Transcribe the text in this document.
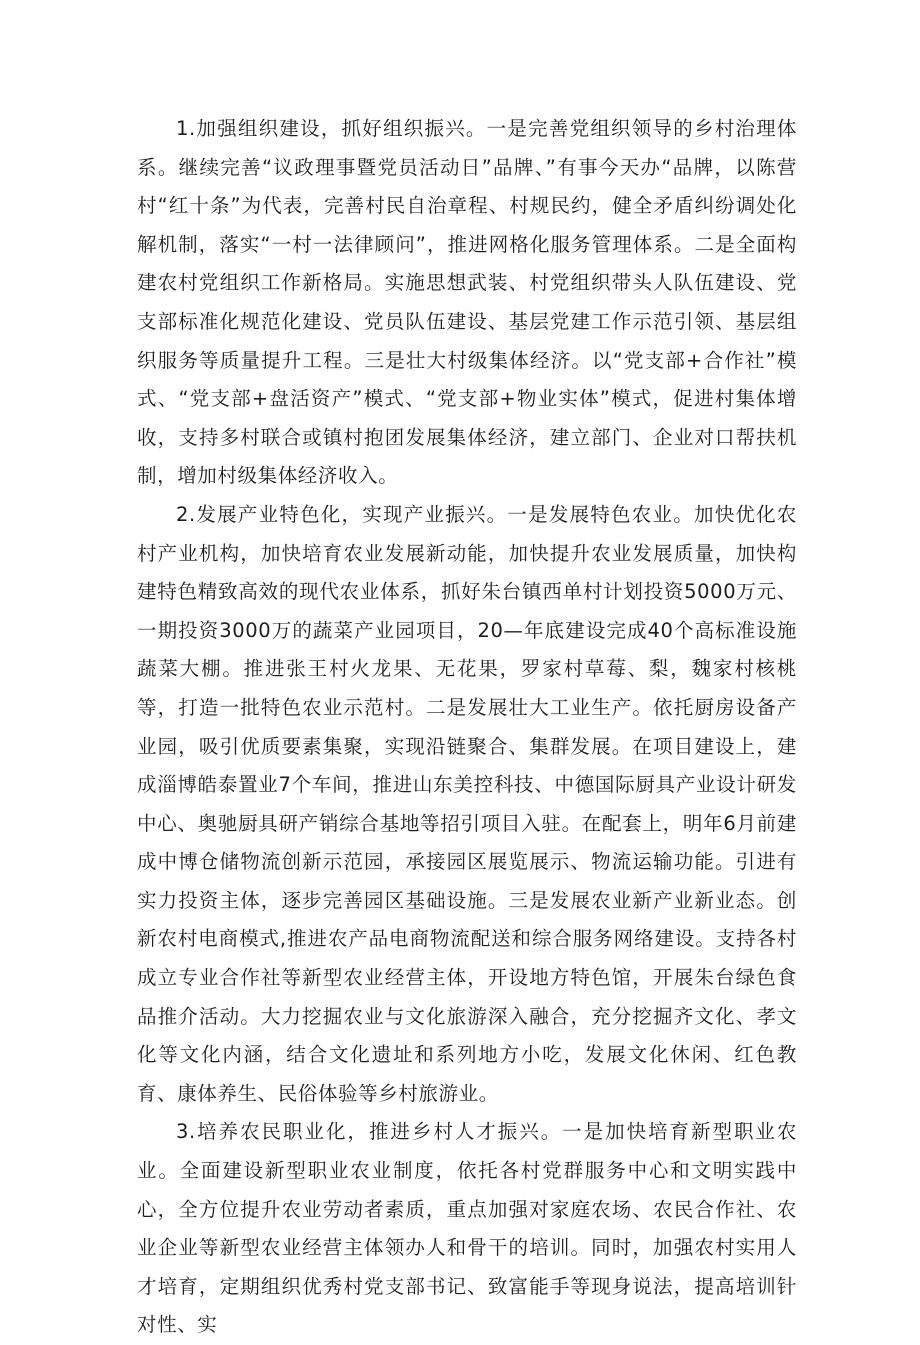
1.加强组织建设，抓好组织振兴。一是完善党组织领导的乡村治理体系。继续完善“议政理事暨党员活动日”品牌、”有事今天办“品牌，以陈营村“红十条”为代表，完善村民自治章程、村规民约，健全矛盾纠纷调处化解机制，落实“一村一法律顾问”，推进网格化服务管理体系。二是全面构建农村党组织工作新格局。实施思想武装、村党组织带头人队伍建设、党支部标准化规范化建设、党员队伍建设、基层党建工作示范引领、基层组织服务等质量提升工程。三是壮大村级集体经济。以“党支部+合作社”模式、“党支部+盘活资产”模式、“党支部+物业实体”模式，促进村集体增收，支持多村联合或镇村抱团发展集体经济，建立部门、企业对口帮扶机制，增加村级集体经济收入。

2.发展产业特色化，实现产业振兴。一是发展特色农业。加快优化农村产业机构，加快培育农业发展新动能，加快提升农业发展质量，加快构建特色精致高效的现代农业体系，抓好朱台镇西单村计划投资5000万元、一期投资3000万的蔬菜产业园项目，20—年底建设完成40个高标准设施蔬菜大棚。推进张王村火龙果、无花果，罗家村草莓、梨，魏家村核桃等，打造一批特色农业示范村。二是发展壮大工业生产。依托厨房设备产业园，吸引优质要素集聚，实现沿链聚合、集群发展。在项目建设上，建成淄博皓泰置业7个车间，推进山东美控科技、中德国际厨具产业设计研发中心、奥驰厨具研产销综合基地等招引项目入驻。在配套上，明年6月前建成中博仓储物流创新示范园，承接园区展览展示、物流运输功能。引进有实力投资主体，逐步完善园区基础设施。三是发展农业新产业新业态。创新农村电商模式,推进农产品电商物流配送和综合服务网络建设。支持各村成立专业合作社等新型农业经营主体，开设地方特色馆，开展朱台绿色食品推介活动。大力挖掘农业与文化旅游深入融合，充分挖掘齐文化、孝文化等文化内涵，结合文化遗址和系列地方小吃，发展文化休闲、红色教育、康体养生、民俗体验等乡村旅游业。

3.培养农民职业化，推进乡村人才振兴。一是加快培育新型职业农业。全面建设新型职业农业制度，依托各村党群服务中心和文明实践中心，全方位提升农业劳动者素质，重点加强对家庭农场、农民合作社、农业企业等新型农业经营主体领办人和骨干的培训。同时，加强农村实用人才培育，定期组织优秀村党支部书记、致富能手等现身说法，提高培训针对性、实
